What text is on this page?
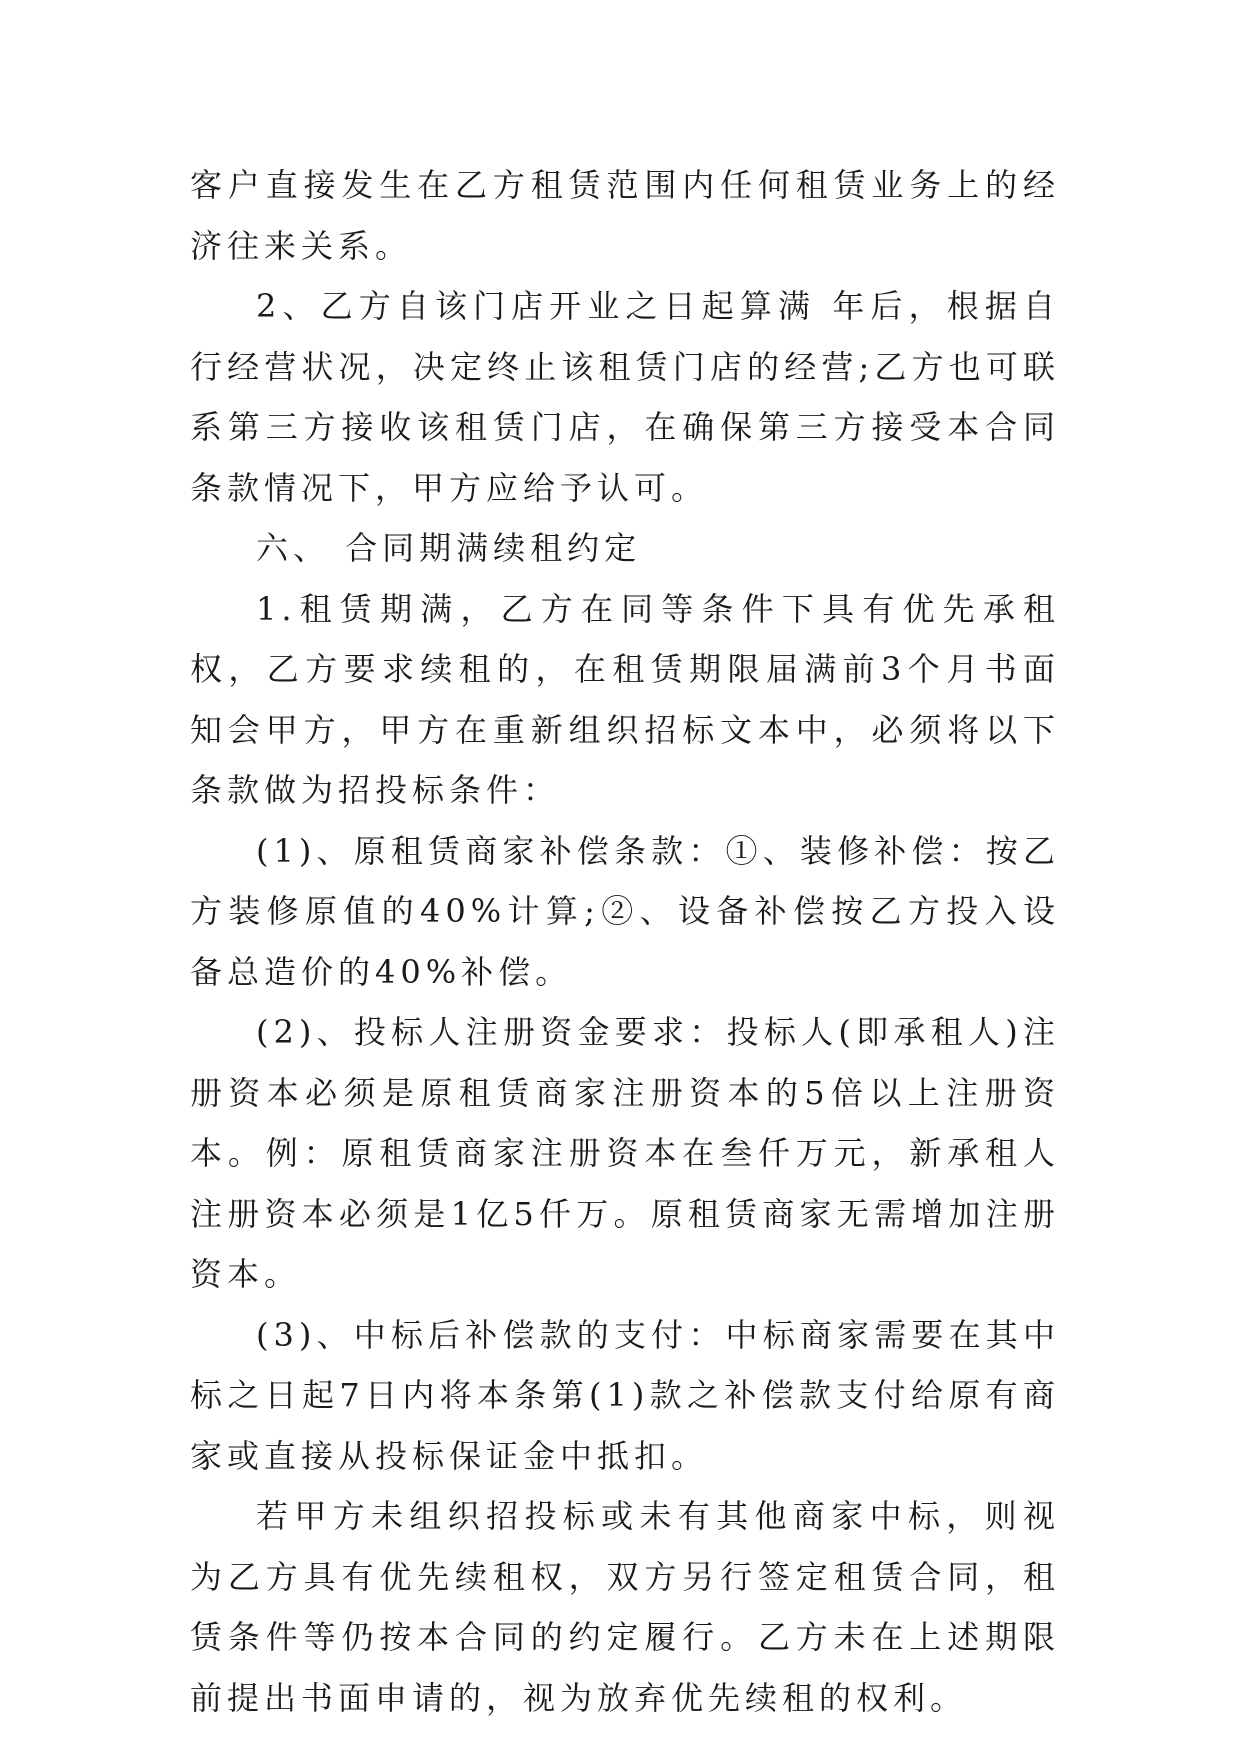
客户直接发生在乙方租赁范围内任何租赁业务上的经济往来关系。

2、乙方自该门店开业之日起算满 年后，根据自行经营状况，决定终止该租赁门店的经营;乙方也可联系第三方接收该租赁门店，在确保第三方接受本合同条款情况下，甲方应给予认可。

六、 合同期满续租约定

1.租赁期满，乙方在同等条件下具有优先承租权，乙方要求续租的，在租赁期限届满前3个月书面知会甲方，甲方在重新组织招标文本中，必须将以下条款做为招投标条件：

(1)、原租赁商家补偿条款：①、装修补偿：按乙方装修原值的40%计算;②、设备补偿按乙方投入设备总造价的40%补偿。

(2)、投标人注册资金要求：投标人(即承租人)注册资本必须是原租赁商家注册资本的5倍以上注册资本。例：原租赁商家注册资本在叁仟万元，新承租人注册资本必须是1亿5仟万。原租赁商家无需增加注册资本。

(3)、中标后补偿款的支付：中标商家需要在其中标之日起7日内将本条第(1)款之补偿款支付给原有商家或直接从投标保证金中抵扣。

若甲方未组织招投标或未有其他商家中标，则视为乙方具有优先续租权，双方另行签定租赁合同，租赁条件等仍按本合同的约定履行。乙方未在上述期限前提出书面申请的，视为放弃优先续租的权利。
